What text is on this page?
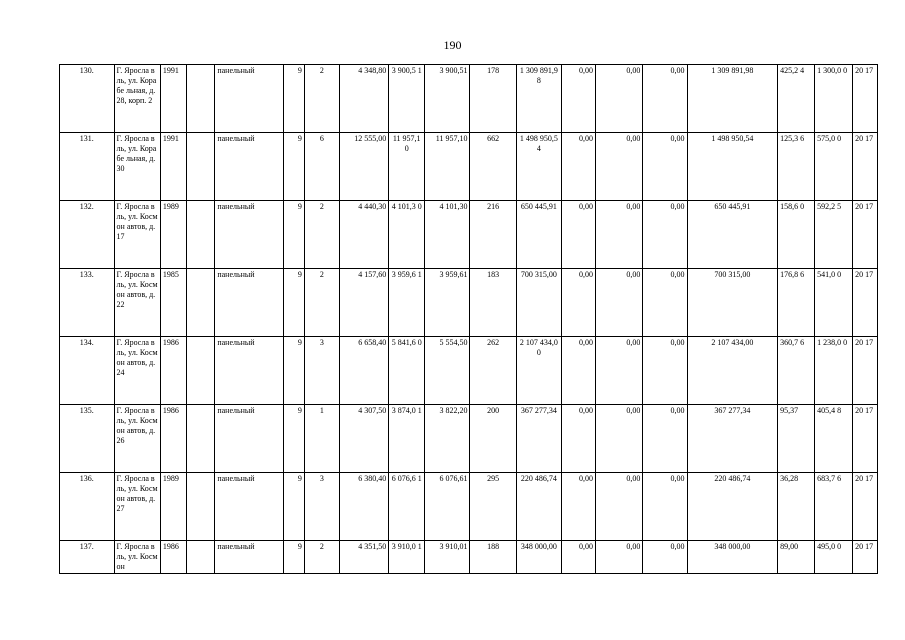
190
130.	Г. Яросла вль, ул. Корабе льная, д. 28, корп. 2	1991		панельный	9	2	4 348,80	3 900,5 1	3 900,51	178	1 309 891,98	0,00	0,00	0,00	1 309 891,98	425,2 4	1 300,0 0	20 17
131.	Г. Яросла вль, ул. Корабе льная, д. 30	1991		панельный	9	6	12 555,00	11 957,1 0	11 957,10	662	1 498 950,54	0,00	0,00	0,00	1 498 950,54	125,3 6	575,0 0	20 17
132.	Г. Яросла вль, ул. Космон автов, д. 17	1989		панельный	9	2	4 440,30	4 101,3 0	4 101,30	216	650 445,91	0,00	0,00	0,00	650 445,91	158,6 0	592,2 5	20 17
133.	Г. Яросла вль, ул. Космон автов, д. 22	1985		панельный	9	2	4 157,60	3 959,6 1	3 959,61	183	700 315,00	0,00	0,00	0,00	700 315,00	176,8 6	541,0 0	20 17
134.	Г. Яросла вль, ул. Космон автов, д. 24	1986		панельный	9	3	6 658,40	5 841,6 0	5 554,50	262	2 107 434,00	0,00	0,00	0,00	2 107 434,00	360,7 6	1 238,0 0	20 17
135.	Г. Яросла вль, ул. Космон автов, д. 26	1986		панельный	9	1	4 307,50	3 874,0 1	3 822,20	200	367 277,34	0,00	0,00	0,00	367 277,34	95,37	405,4 8	20 17
136.	Г. Яросла вль, ул. Космон автов, д. 27	1989		панельный	9	3	6 380,40	6 076,6 1	6 076,61	295	220 486,74	0,00	0,00	0,00	220 486,74	36,28	683,7 6	20 17
137.	Г. Яросла вль, ул. Космон	1986		панельный	9	2	4 351,50	3 910,0 1	3 910,01	188	348 000,00	0,00	0,00	0,00	348 000,00	89,00	495,0 0	20 17
